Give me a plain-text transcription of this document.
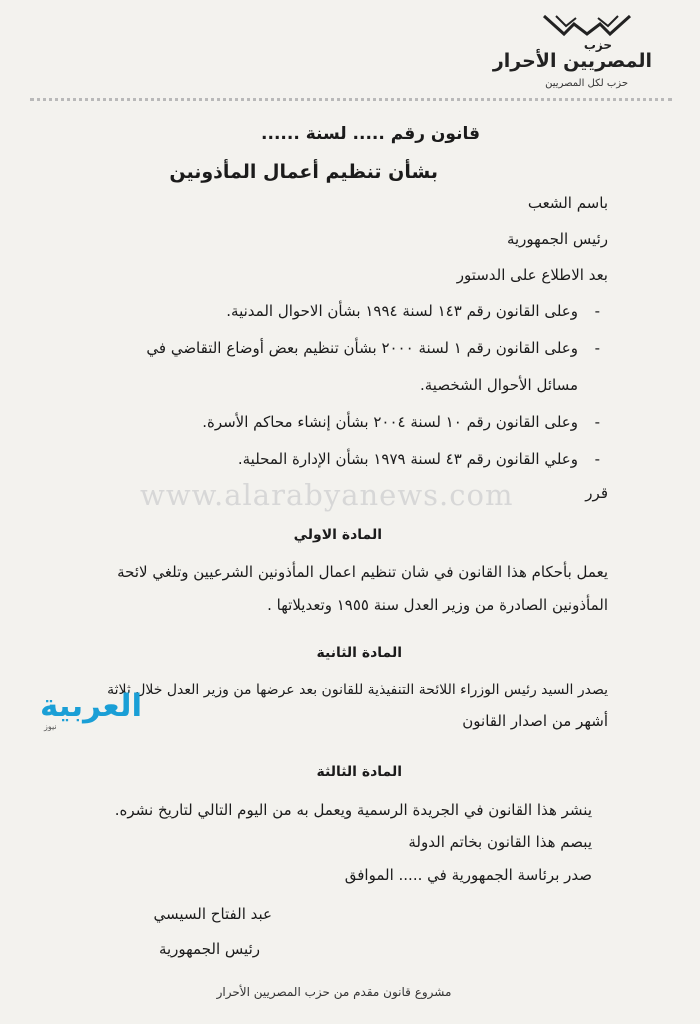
حزب
المصريين الأحرار
حزب لكل المصريين
قانون رقم ..... لسنة ......
بشأن تنظيم أعمال المأذونين
باسم الشعب
رئيس الجمهورية
بعد الاطلاع على الدستور
-
وعلى القانون رقم ١٤٣ لسنة ١٩٩٤ بشأن الاحوال المدنية.
-
وعلى القانون رقم ١ لسنة ٢٠٠٠ بشأن تنظيم بعض أوضاع التقاضي في
مسائل الأحوال الشخصية.
-
وعلى القانون رقم ١٠ لسنة ٢٠٠٤ بشأن إنشاء محاكم الأسرة.
-
وعلي القانون رقم ٤٣ لسنة ١٩٧٩ بشأن الإدارة المحلية.
www.alarabyanews.com	قرر
المادة الاولي
يعمل بأحكام هذا القانون في شان تنظيم اعمال المأذونين الشرعيين وتلغي لائحة
المأذونين الصادرة من وزير العدل سنة ١٩٥٥ وتعديلاتها .
المادة الثانية
يصدر السيد رئيس الوزراء اللائحة التنفيذية للقانون بعد عرضها من وزير العدل خلال ثلاثة
أشهر من اصدار القانون
العربية
نيوز
المادة الثالثة
ينشر هذا القانون في الجريدة الرسمية ويعمل به من اليوم التالي لتاريخ نشره.
يبصم هذا القانون بخاتم الدولة
صدر برئاسة الجمهورية في ..... الموافق
عبد الفتاح السيسي
رئيس الجمهورية
مشروع قانون مقدم من حزب المصريين الأحرار
